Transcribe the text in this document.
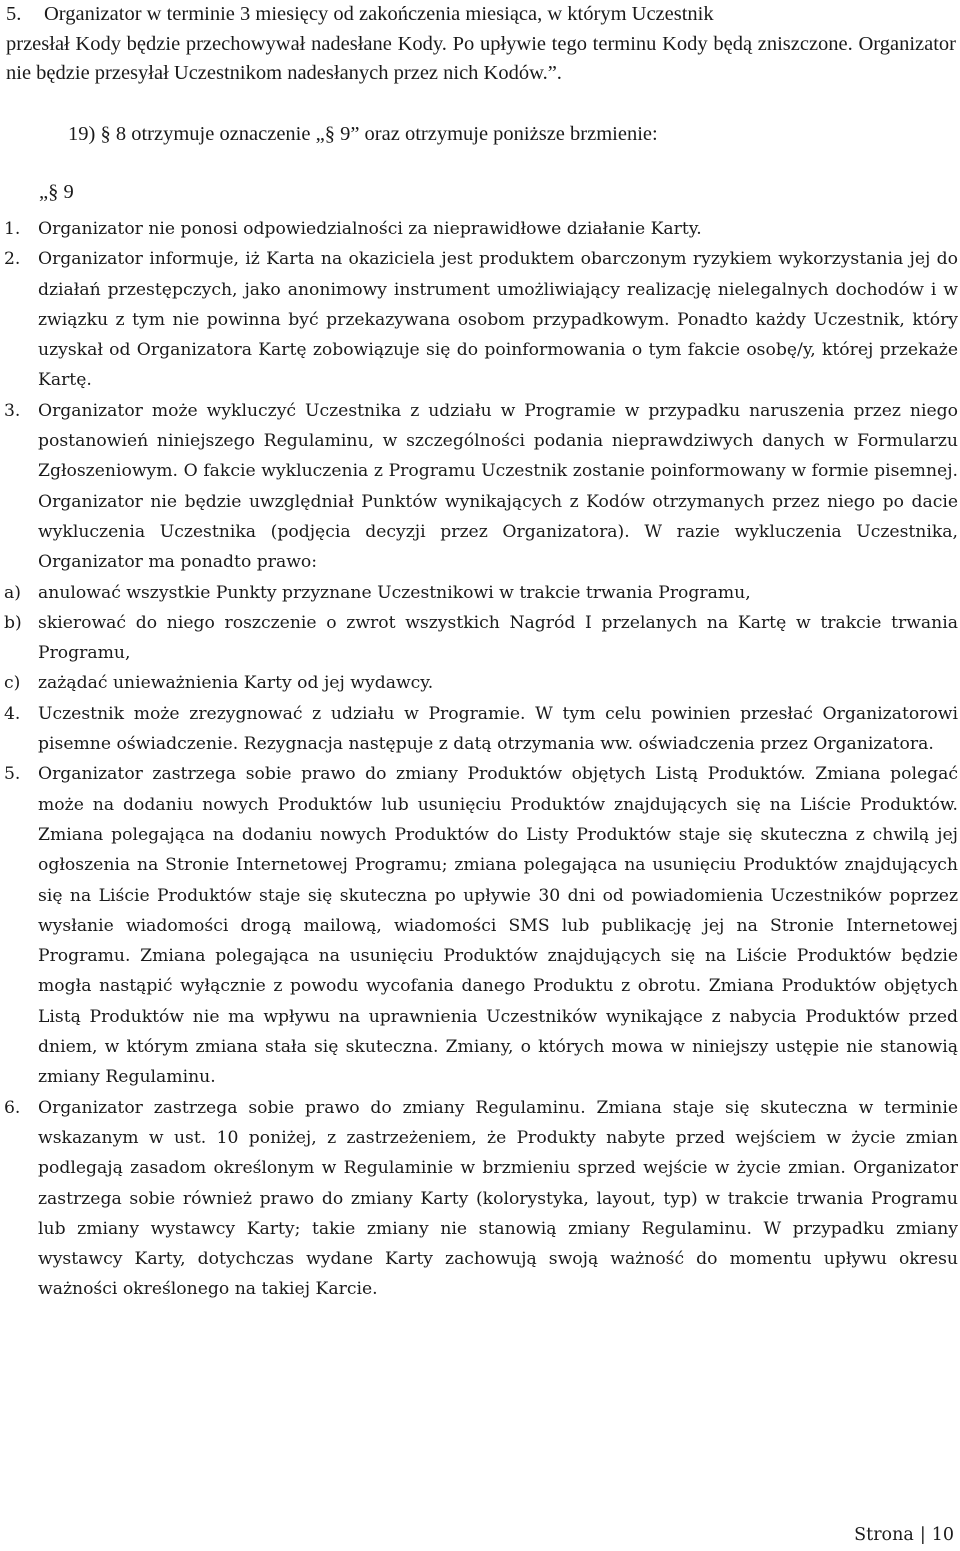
5. Organizator w terminie 3 miesięcy od zakończenia miesiąca, w którym Uczestnik
przesłał Kody będzie przechowywał nadesłane Kody. Po upływie tego terminu Kody będą zniszczone. Organizator nie będzie przesyłał Uczestnikom nadesłanych przez nich Kodów.”.
19) § 8 otrzymuje oznaczenie „§ 9” oraz otrzymuje poniższe brzmienie:
„§ 9
1. Organizator nie ponosi odpowiedzialności za nieprawidłowe działanie Karty.
2. Organizator informuje, iż Karta na okaziciela jest produktem obarczonym ryzykiem wykorzystania jej do działań przestępczych, jako anonimowy instrument umożliwiający realizację nielegalnych dochodów i w związku z tym nie powinna być przekazywana osobom przypadkowym. Ponadto każdy Uczestnik, który uzyskał od Organizatora Kartę zobowiązuje się do poinformowania o tym fakcie osobę/y, której przekaże Kartę.
3. Organizator może wykluczyć Uczestnika z udziału w Programie w przypadku naruszenia przez niego postanowień niniejszego Regulaminu, w szczególności podania nieprawdziwych danych w Formularzu Zgłoszeniowym. O fakcie wykluczenia z Programu Uczestnik zostanie poinformowany w formie pisemnej. Organizator nie będzie uwzględniał Punktów wynikających z Kodów otrzymanych przez niego po dacie wykluczenia Uczestnika (podjęcia decyzji przez Organizatora). W razie wykluczenia Uczestnika, Organizator ma ponadto prawo:
a) anulować wszystkie Punkty przyznane Uczestnikowi w trakcie trwania Programu,
b) skierować do niego roszczenie o zwrot wszystkich Nagród I przelanych na Kartę w trakcie trwania Programu,
c) zażądać unieważnienia Karty od jej wydawcy.
4. Uczestnik może zrezygnować z udziału w Programie. W tym celu powinien przesłać Organizatorowi pisemne oświadczenie. Rezygnacja następuje z datą otrzymania ww. oświadczenia przez Organizatora.
5. Organizator zastrzega sobie prawo do zmiany Produktów objętych Listą Produktów. Zmiana polegać może na dodaniu nowych Produktów lub usunięciu Produktów znajdujących się na Liście Produktów. Zmiana polegająca na dodaniu nowych Produktów do Listy Produktów staje się skuteczna z chwilą jej ogłoszenia na Stronie Internetowej Programu; zmiana polegająca na usunięciu Produktów znajdujących się na Liście Produktów staje się skuteczna po upływie 30 dni od powiadomienia Uczestników poprzez wysłanie wiadomości drogą mailową, wiadomości SMS lub publikację jej na Stronie Internetowej Programu. Zmiana polegająca na usunięciu Produktów znajdujących się na Liście Produktów będzie mogła nastąpić wyłącznie z powodu wycofania danego Produktu z obrotu. Zmiana Produktów objętych Listą Produktów nie ma wpływu na uprawnienia Uczestników wynikające z nabycia Produktów przed dniem, w którym zmiana stała się skuteczna. Zmiany, o których mowa w niniejszy ustępie nie stanowią zmiany Regulaminu.
6. Organizator zastrzega sobie prawo do zmiany Regulaminu. Zmiana staje się skuteczna w terminie wskazanym w ust. 10 poniżej, z zastrzeżeniem, że Produkty nabyte przed wejściem w życie zmian podlegają zasadom określonym w Regulaminie w brzmieniu sprzed wejście w życie zmian. Organizator zastrzega sobie również prawo do zmiany Karty (kolorystyka, layout, typ) w trakcie trwania Programu lub zmiany wystawcy Karty; takie zmiany nie stanowią zmiany Regulaminu. W przypadku zmiany wystawcy Karty, dotychczas wydane Karty zachowują swoją ważność do momentu upływu okresu ważności określonego na takiej Karcie.
Strona | 10
